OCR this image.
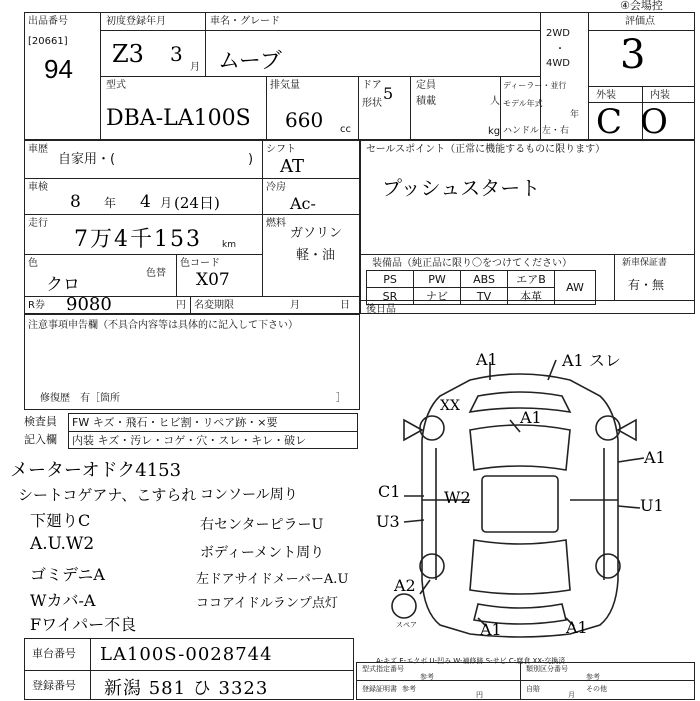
④会場控
出品番号
[20661]
94
初度登録年月	車名・グレード
Z3 3
月 ムーブ
2WD
・
4WD
評価点
3
外装	内装
C O
型式
DBA-LA100S
排気量
660 cc
ドア 5
形状
定員
人
積載
kg
ディーラー・並行
モデル年式
年
ハンドル 左・右
車歴
自家用・(	)
シフト
AT
車検
8 年 4 月 (24日)
冷房
Ac-
走行
7万4千153 km
燃料
ガソリン
軽・油
色
クロ
色替
色コード
X07
R券 9080	円 名変期限	月	日
セールスポイント（正常に機能するものに限ります）
プッシュスタート
装備品（純正品に限り〇をつけてください）
PS	PW	ABS	エアB	AW
SR	ナビ	TV	本革	
新車保証書
有・無
後日品
注意事項申告欄（不具合内容等は具体的に記入して下さい）
修復歴　有［箇所	］
検査員
記入欄
FW キズ・飛石・ヒビ割・リペア跡・×要
内装 キズ・汚レ・コゲ・穴・スレ・キレ・破レ
メーターオドク4153
シートコゲアナ、こすられ コンソール周り
下廻りC	右センターピラーU
A.U.W2	ボディーメント周り
ゴミデニA	左ドアサイドメーバーA.U
Wカバ-A	ココアイドルランプ点灯
Fワイパー不良
A1	A1 スレ
A1
A1
C1	W2
U3
U1
A2
A1	A1
XX
スペア
A-キズ E-エクボ U-凹み W-補修跡 S-サビ C-腐食 XX-交換済
車台番号 LA100S-0028744
登録番号 新潟 581 ひ 3323
型式指定番号
参考
類別区分番号
参考
登録証明書 参考
円
自賠
月
その他
